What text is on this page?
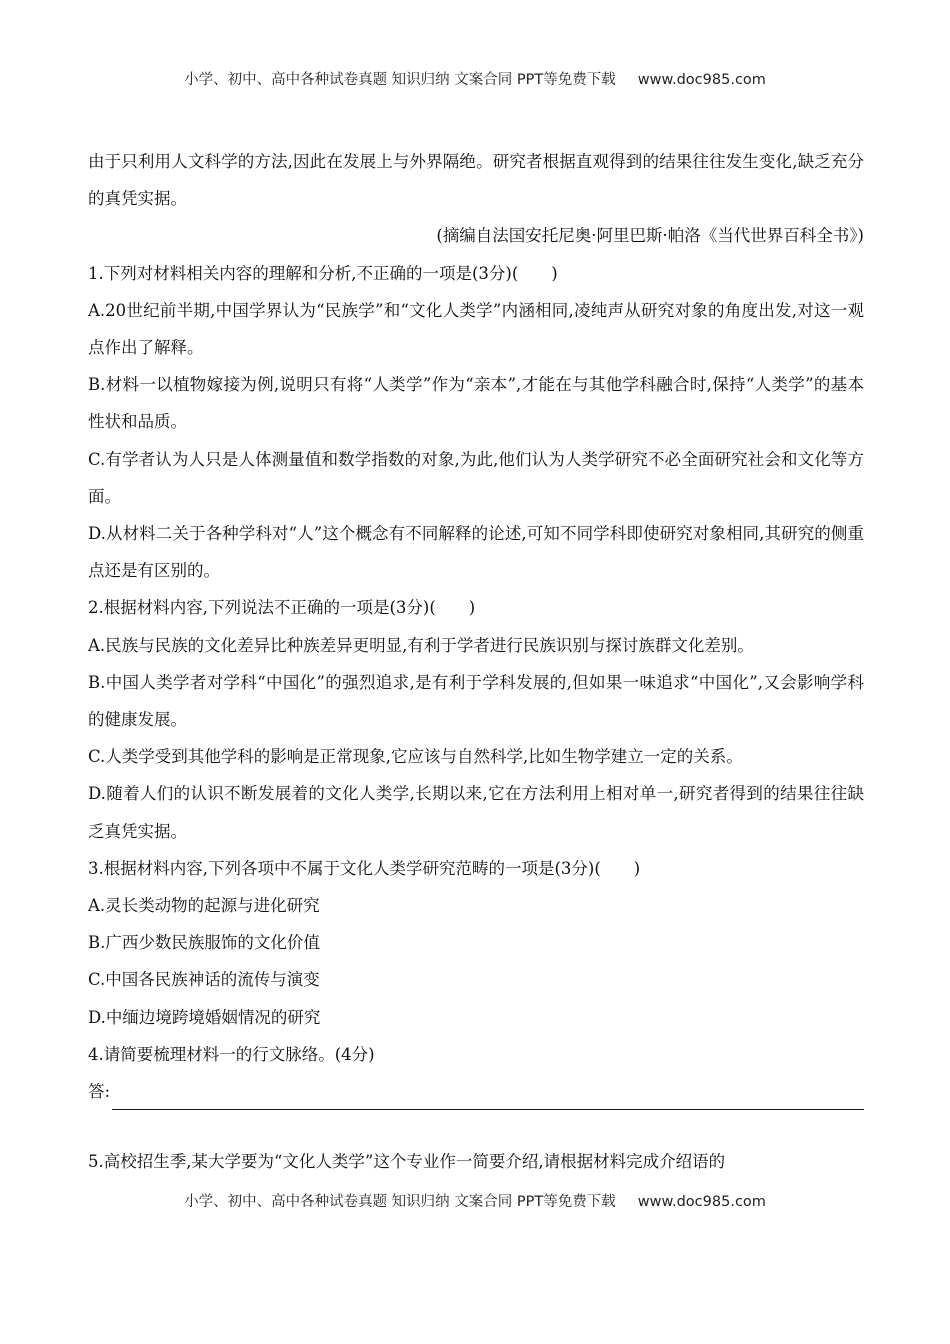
小学、初中、高中各种试卷真题 知识归纳 文案合同 PPT等免费下载 www.doc985.com

由于只利用人文科学的方法,因此在发展上与外界隔绝。研究者根据直观得到的结果往往发生变化,缺乏充分的真凭实据。

(摘编自法国安托尼奥·阿里巴斯·帕洛《当代世界百科全书》)

1.下列对材料相关内容的理解和分析,不正确的一项是(3分)(　　)

A.20世纪前半期,中国学界认为“民族学”和“文化人类学”内涵相同,凌纯声从研究对象的角度出发,对这一观点作出了解释。

B.材料一以植物嫁接为例,说明只有将“人类学”作为“亲本”,才能在与其他学科融合时,保持“人类学”的基本性状和品质。

C.有学者认为人只是人体测量值和数学指数的对象,为此,他们认为人类学研究不必全面研究社会和文化等方面。

D.从材料二关于各种学科对“人”这个概念有不同解释的论述,可知不同学科即使研究对象相同,其研究的侧重点还是有区别的。

2.根据材料内容,下列说法不正确的一项是(3分)(　　)

A.民族与民族的文化差异比种族差异更明显,有利于学者进行民族识别与探讨族群文化差别。

B.中国人类学者对学科“中国化”的强烈追求,是有利于学科发展的,但如果一味追求“中国化”,又会影响学科的健康发展。

C.人类学受到其他学科的影响是正常现象,它应该与自然科学,比如生物学建立一定的关系。

D.随着人们的认识不断发展着的文化人类学,长期以来,它在方法利用上相对单一,研究者得到的结果往往缺乏真凭实据。

3.根据材料内容,下列各项中不属于文化人类学研究范畴的一项是(3分)(　　)

A.灵长类动物的起源与进化研究

B.广西少数民族服饰的文化价值

C.中国各民族神话的流传与演变

D.中缅边境跨境婚姻情况的研究

4.请简要梳理材料一的行文脉络。(4分)

答:

5.高校招生季,某大学要为“文化人类学”这个专业作一简要介绍,请根据材料完成介绍语的

小学、初中、高中各种试卷真题 知识归纳 文案合同 PPT等免费下载 www.doc985.com
